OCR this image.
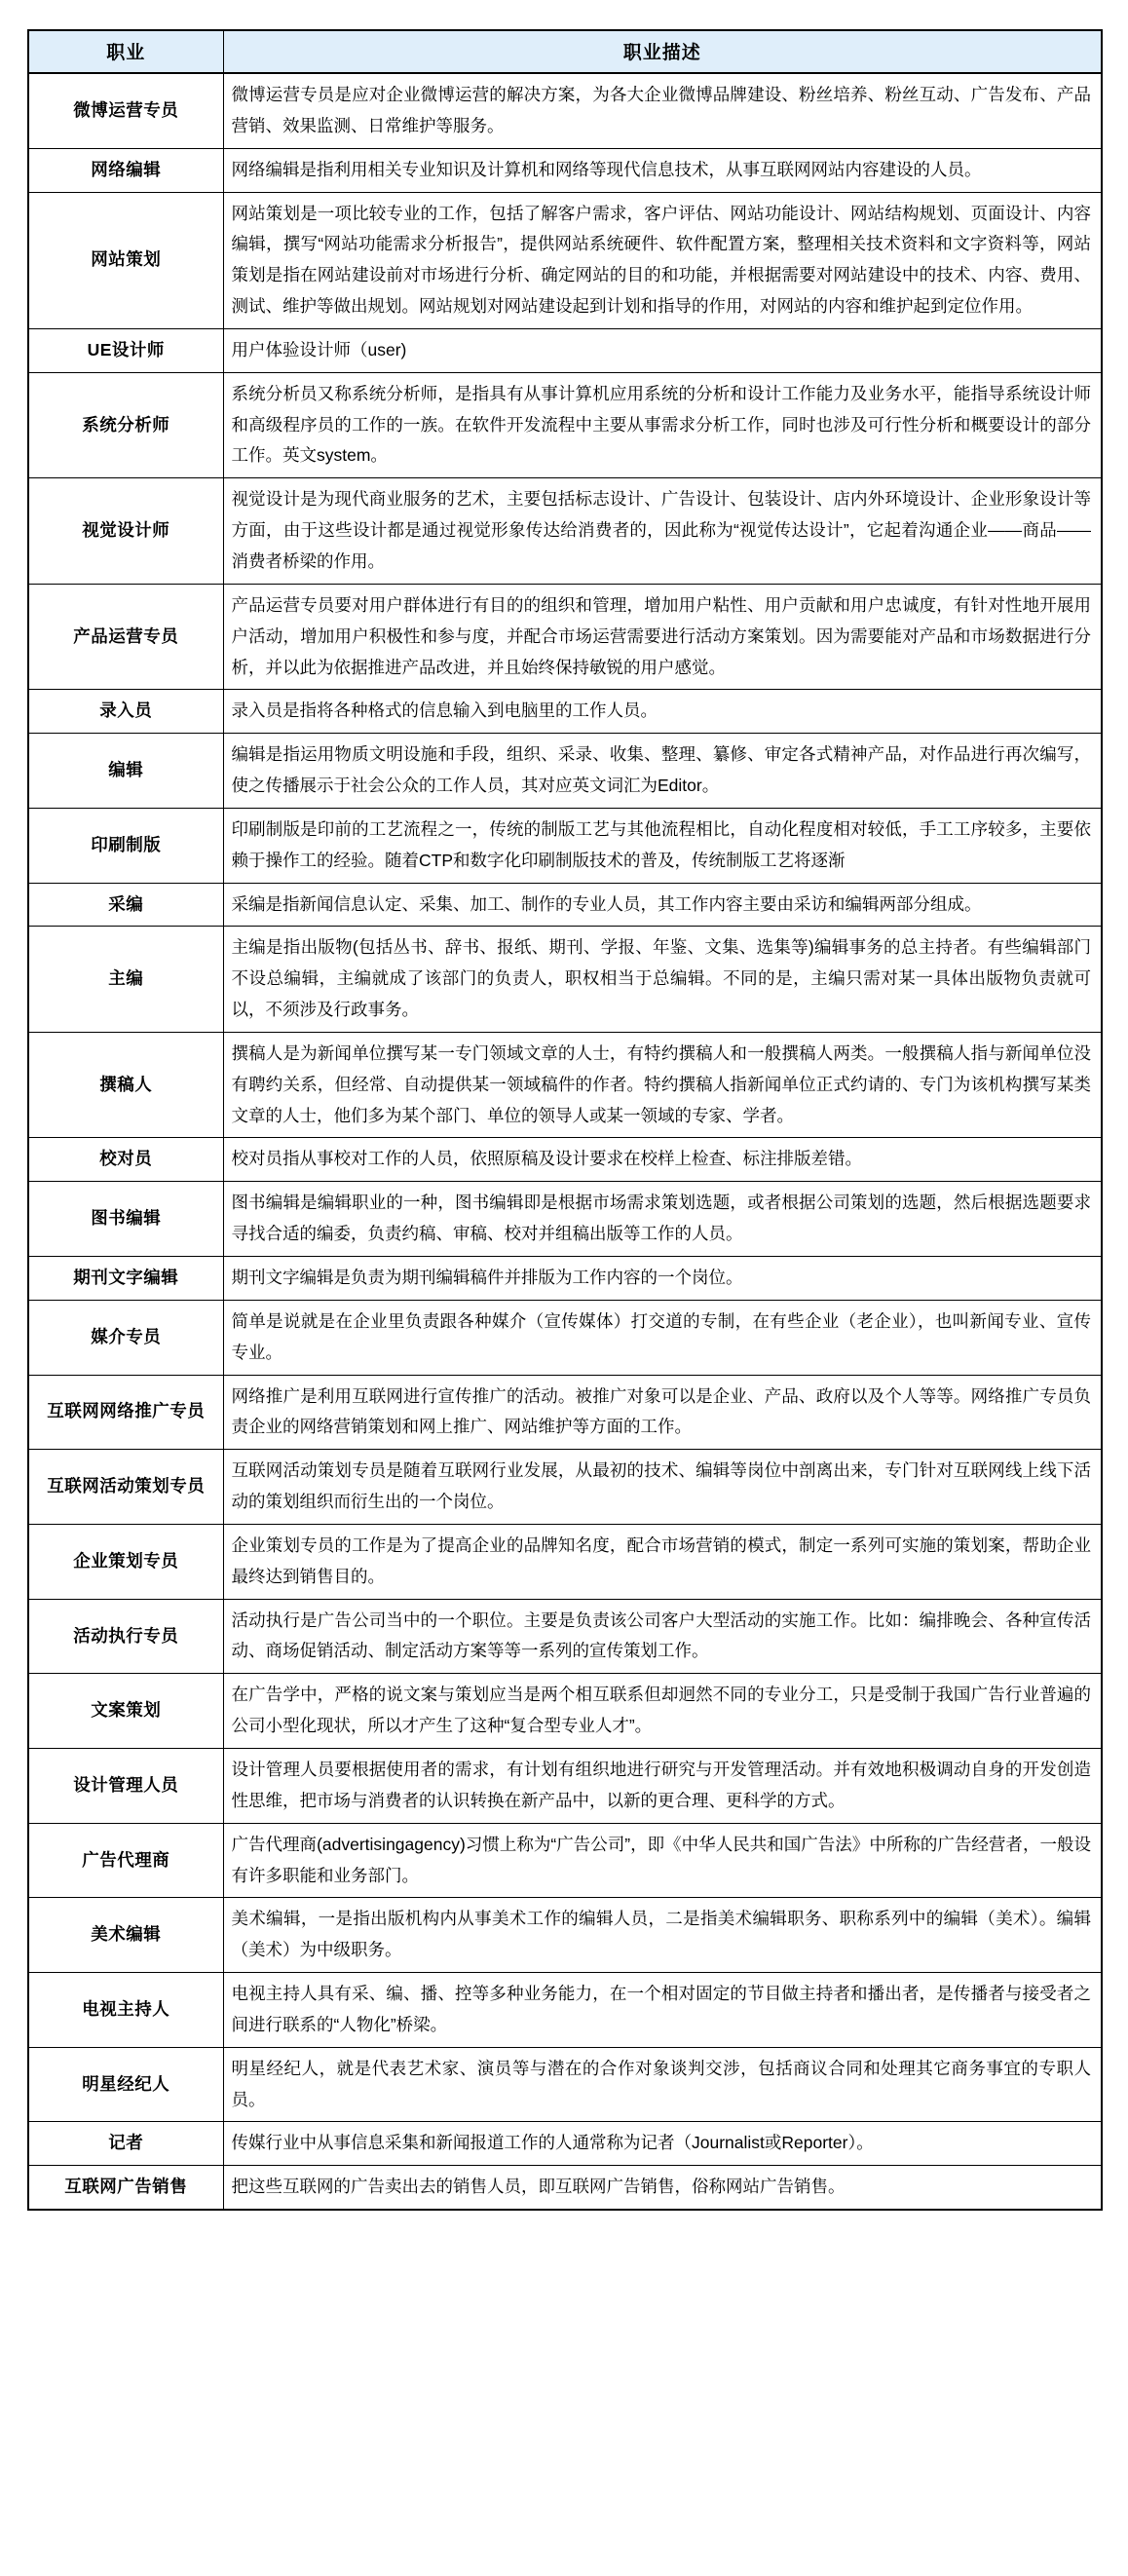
职业	职业描述
微博运营专员	微博运营专员是应对企业微博运营的解决方案，为各大企业微博品牌建设、粉丝培养、粉丝互动、广告发布、产品营销、效果监测、日常维护等服务。

网络编辑	网络编辑是指利用相关专业知识及计算机和网络等现代信息技术，从事互联网网站内容建设的人员。

网站策划	网站策划是一项比较专业的工作，包括了解客户需求，客户评估、网站功能设计、网站结构规划、页面设计、内容编辑，撰写“网站功能需求分析报告”，提供网站系统硬件、软件配置方案，整理相关技术资料和文字资料等，网站策划是指在网站建设前对市场进行分析、确定网站的目的和功能，并根据需要对网站建设中的技术、内容、费用、测试、维护等做出规划。网站规划对网站建设起到计划和指导的作用，对网站的内容和维护起到定位作用。

UE设计师	用户体验设计师（user)

系统分析师	系统分析员又称系统分析师，是指具有从事计算机应用系统的分析和设计工作能力及业务水平，能指导系统设计师和高级程序员的工作的一族。在软件开发流程中主要从事需求分析工作，同时也涉及可行性分析和概要设计的部分工作。英文system。

视觉设计师	视觉设计是为现代商业服务的艺术，主要包括标志设计、广告设计、包装设计、店内外环境设计、企业形象设计等方面，由于这些设计都是通过视觉形象传达给消费者的，因此称为“视觉传达设计”，它起着沟通企业——商品——消费者桥梁的作用。

产品运营专员	产品运营专员要对用户群体进行有目的的组织和管理，增加用户粘性、用户贡献和用户忠诚度，有针对性地开展用户活动，增加用户积极性和参与度，并配合市场运营需要进行活动方案策划。因为需要能对产品和市场数据进行分析，并以此为依据推进产品改进，并且始终保持敏锐的用户感觉。

录入员	录入员是指将各种格式的信息输入到电脑里的工作人员。

编辑	编辑是指运用物质文明设施和手段，组织、采录、收集、整理、纂修、审定各式精神产品，对作品进行再次编写，使之传播展示于社会公众的工作人员，其对应英文词汇为Editor。

印刷制版	印刷制版是印前的工艺流程之一，传统的制版工艺与其他流程相比，自动化程度相对较低，手工工序较多，主要依赖于操作工的经验。随着CTP和数字化印刷制版技术的普及，传统制版工艺将逐渐

采编	采编是指新闻信息认定、采集、加工、制作的专业人员，其工作内容主要由采访和编辑两部分组成。

主编	主编是指出版物(包括丛书、辞书、报纸、期刊、学报、年鉴、文集、选集等)编辑事务的总主持者。有些编辑部门不设总编辑，主编就成了该部门的负责人，职权相当于总编辑。不同的是，主编只需对某一具体出版物负责就可以，不须涉及行政事务。

撰稿人	撰稿人是为新闻单位撰写某一专门领域文章的人士，有特约撰稿人和一般撰稿人两类。一般撰稿人指与新闻单位没有聘约关系，但经常、自动提供某一领域稿件的作者。特约撰稿人指新闻单位正式约请的、专门为该机构撰写某类文章的人士，他们多为某个部门、单位的领导人或某一领域的专家、学者。

校对员	校对员指从事校对工作的人员，依照原稿及设计要求在校样上检查、标注排版差错。

图书编辑	图书编辑是编辑职业的一种，图书编辑即是根据市场需求策划选题，或者根据公司策划的选题，然后根据选题要求寻找合适的编委，负责约稿、审稿、校对并组稿出版等工作的人员。

期刊文字编辑	期刊文字编辑是负责为期刊编辑稿件并排版为工作内容的一个岗位。

媒介专员	简单是说就是在企业里负责跟各种媒介（宣传媒体）打交道的专制，在有些企业（老企业），也叫新闻专业、宣传专业。

互联网网络推广专员	网络推广是利用互联网进行宣传推广的活动。被推广对象可以是企业、产品、政府以及个人等等。网络推广专员负责企业的网络营销策划和网上推广、网站维护等方面的工作。

互联网活动策划专员	互联网活动策划专员是随着互联网行业发展，从最初的技术、编辑等岗位中剖离出来，专门针对互联网线上线下活动的策划组织而衍生出的一个岗位。

企业策划专员	企业策划专员的工作是为了提高企业的品牌知名度，配合市场营销的模式，制定一系列可实施的策划案，帮助企业最终达到销售目的。

活动执行专员	活动执行是广告公司当中的一个职位。主要是负责该公司客户大型活动的实施工作。比如：编排晚会、各种宣传活动、商场促销活动、制定活动方案等等一系列的宣传策划工作。

文案策划	在广告学中，严格的说文案与策划应当是两个相互联系但却迥然不同的专业分工，只是受制于我国广告行业普遍的公司小型化现状，所以才产生了这种“复合型专业人才”。

设计管理人员	设计管理人员要根据使用者的需求，有计划有组织地进行研究与开发管理活动。并有效地积极调动自身的开发创造性思维，把市场与消费者的认识转换在新产品中，以新的更合理、更科学的方式。

广告代理商	广告代理商(advertisingagency)习惯上称为“广告公司”，即《中华人民共和国广告法》中所称的广告经营者，一般设有许多职能和业务部门。

美术编辑	美术编辑，一是指出版机构内从事美术工作的编辑人员，二是指美术编辑职务、职称系列中的编辑（美术）。编辑（美术）为中级职务。

电视主持人	电视主持人具有采、编、播、控等多种业务能力，在一个相对固定的节目做主持者和播出者，是传播者与接受者之间进行联系的“人物化”桥梁。

明星经纪人	明星经纪人，就是代表艺术家、演员等与潜在的合作对象谈判交涉，包括商议合同和处理其它商务事宜的专职人员。

记者	传媒行业中从事信息采集和新闻报道工作的人通常称为记者（Journalist或Reporter）。

互联网广告销售	把这些互联网的广告卖出去的销售人员，即互联网广告销售，俗称网站广告销售。
